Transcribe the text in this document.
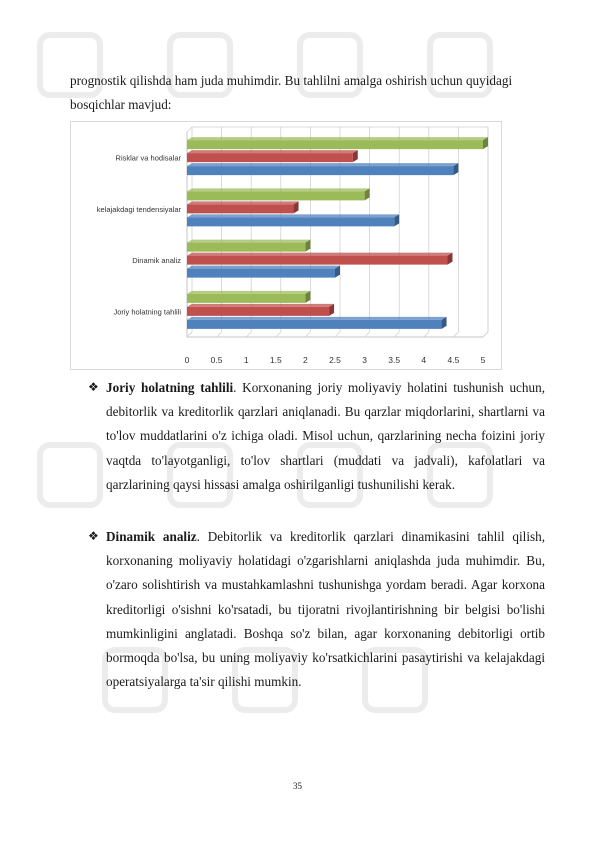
prognostik qilishda ham juda muhimdir. Bu tahlilni amalga oshirish uchun quyidagi bosqichlar mavjud:
0	0.5	1	1.5	2	2.5	3	3.5	4	4.5	5
Joriy holatning tahlili
Dinamik analiz
kelajakdagi tendensiyalar
Risklar va hodisalar
❖ Joriy holatning tahlili. Korxonaning joriy moliyaviy holatini tushunish uchun, debitorlik va kreditorlik qarzlari aniqlanadi. Bu qarzlar miqdorlarini, shartlarni va to'lov muddatlarini o'z ichiga oladi. Misol uchun, qarzlarining necha foizini joriy vaqtda to'layotganligi, to'lov shartlari (muddati va jadvali), kafolatlari va qarzlarining qaysi hissasi amalga oshirilganligi tushunilishi kerak.

❖ Dinamik analiz. Debitorlik va kreditorlik qarzlari dinamikasini tahlil qilish, korxonaning moliyaviy holatidagi o'zgarishlarni aniqlashda juda muhimdir. Bu, o'zaro solishtirish va mustahkamlashni tushunishga yordam beradi. Agar korxona kreditorligi o'sishni ko'rsatadi, bu tijoratni rivojlantirishning bir belgisi bo'lishi mumkinligini anglatadi. Boshqa so'z bilan, agar korxonaning debitorligi ortib bormoqda bo'lsa, bu uning moliyaviy ko'rsatkichlarini pasaytirishi va kelajakdagi operatsiyalarga ta'sir qilishi mumkin.

35
